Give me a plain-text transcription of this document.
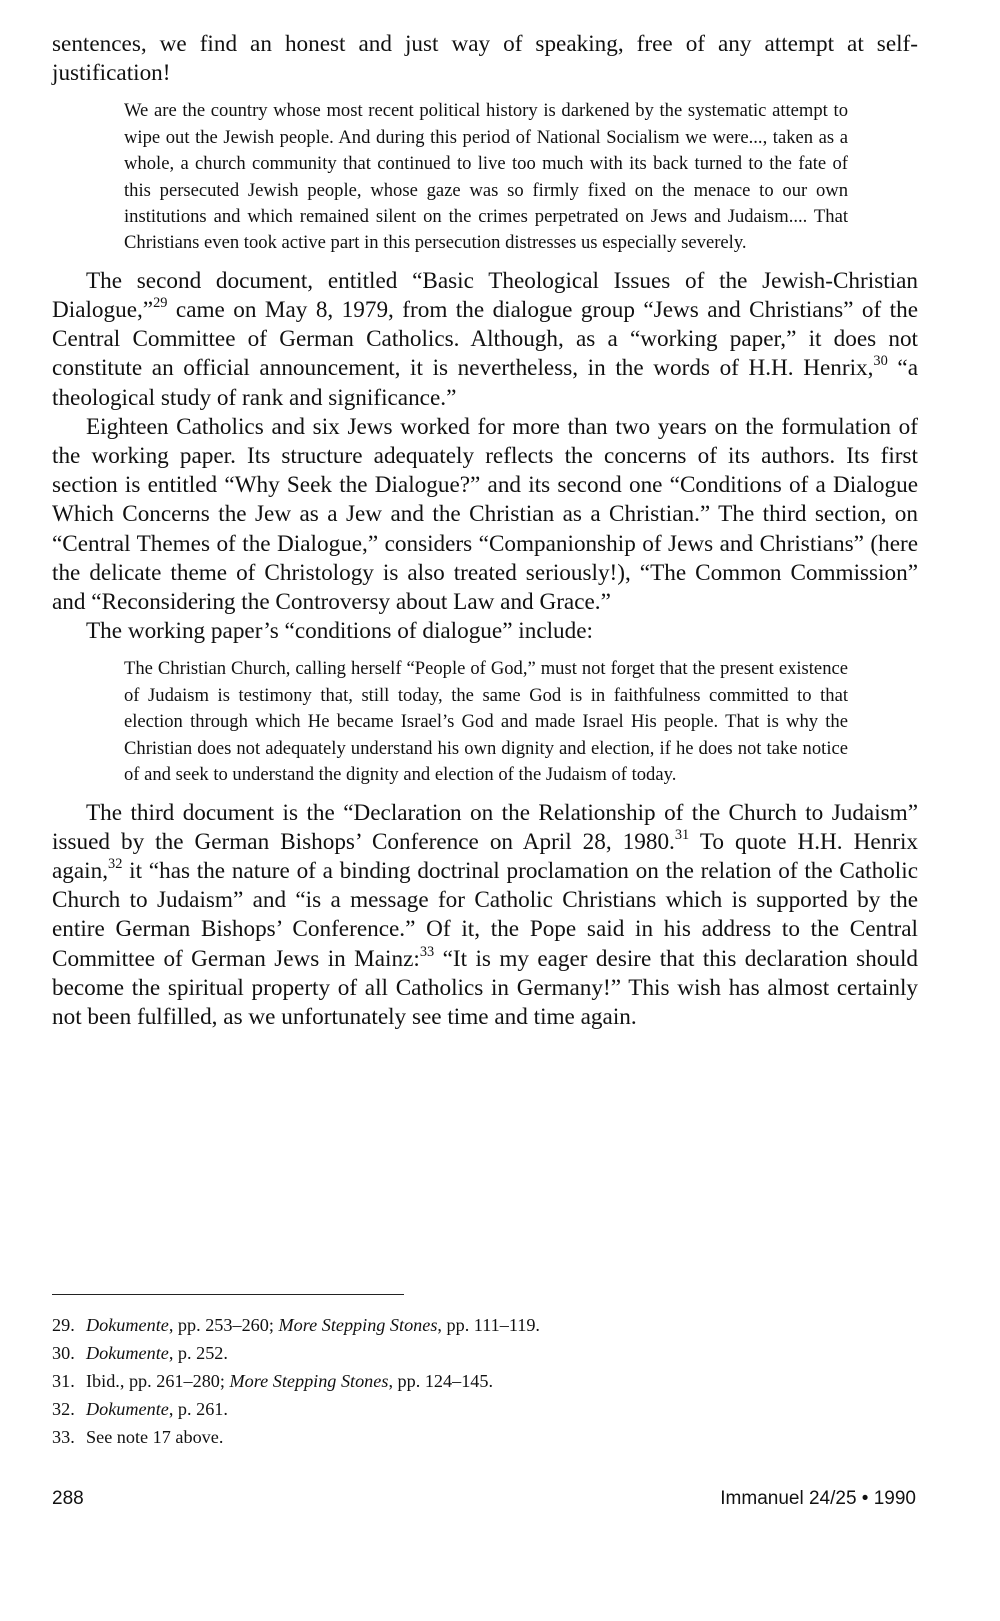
sentences, we find an honest and just way of speaking, free of any attempt at self-justification!

We are the country whose most recent political history is darkened by the systematic attempt to wipe out the Jewish people. And during this period of National Socialism we were..., taken as a whole, a church community that continued to live too much with its back turned to the fate of this persecuted Jewish people, whose gaze was so firmly fixed on the menace to our own institutions and which remained silent on the crimes perpetrated on Jews and Judaism.... That Christians even took active part in this persecution distresses us especially severely.

The second document, entitled “Basic Theological Issues of the Jewish-Christian Dialogue,”$^{29}$ came on May 8, 1979, from the dialogue group “Jews and Christians” of the Central Committee of German Catholics. Although, as a “working paper,” it does not constitute an official announcement, it is nevertheless, in the words of H.H. Henrix,$^{30}$ “a theological study of rank and significance.”

Eighteen Catholics and six Jews worked for more than two years on the formulation of the working paper. Its structure adequately reflects the concerns of its authors. Its first section is entitled “Why Seek the Dialogue?” and its second one “Conditions of a Dialogue Which Concerns the Jew as a Jew and the Christian as a Christian.” The third section, on “Central Themes of the Dialogue,” considers “Companionship of Jews and Christians” (here the delicate theme of Christology is also treated seriously!), “The Common Commission” and “Reconsidering the Controversy about Law and Grace.”

The working paper’s “conditions of dialogue” include:

The Christian Church, calling herself “People of God,” must not forget that the present existence of Judaism is testimony that, still today, the same God is in faithfulness committed to that election through which He became Israel’s God and made Israel His people. That is why the Christian does not adequately understand his own dignity and election, if he does not take notice of and seek to understand the dignity and election of the Judaism of today.

The third document is the “Declaration on the Relationship of the Church to Judaism” issued by the German Bishops’ Conference on April 28, 1980.31 To quote H.H. Henrix again,$^{32}$ it “has the nature of a binding doctrinal proclamation on the relation of the Catholic Church to Judaism” and “is a message for Catholic Christians which is supported by the entire German Bishops’ Conference.” Of it, the Pope said in his address to the Central Committee of German Jews in Mainz:$^{33}$ “It is my eager desire that this declaration should become the spiritual property of all Catholics in Germany!” This wish has almost certainly not been fulfilled, as we unfortunately see time and time again.

29. Dokumente, pp. 253–260; More Stepping Stones, pp. 111–119.

30. Dokumente, p. 252.

31. Ibid., pp. 261–280; More Stepping Stones, pp. 124–145.

32. Dokumente, p. 261.

33. See note 17 above.

288	Immanuel 24/25 • 1990
